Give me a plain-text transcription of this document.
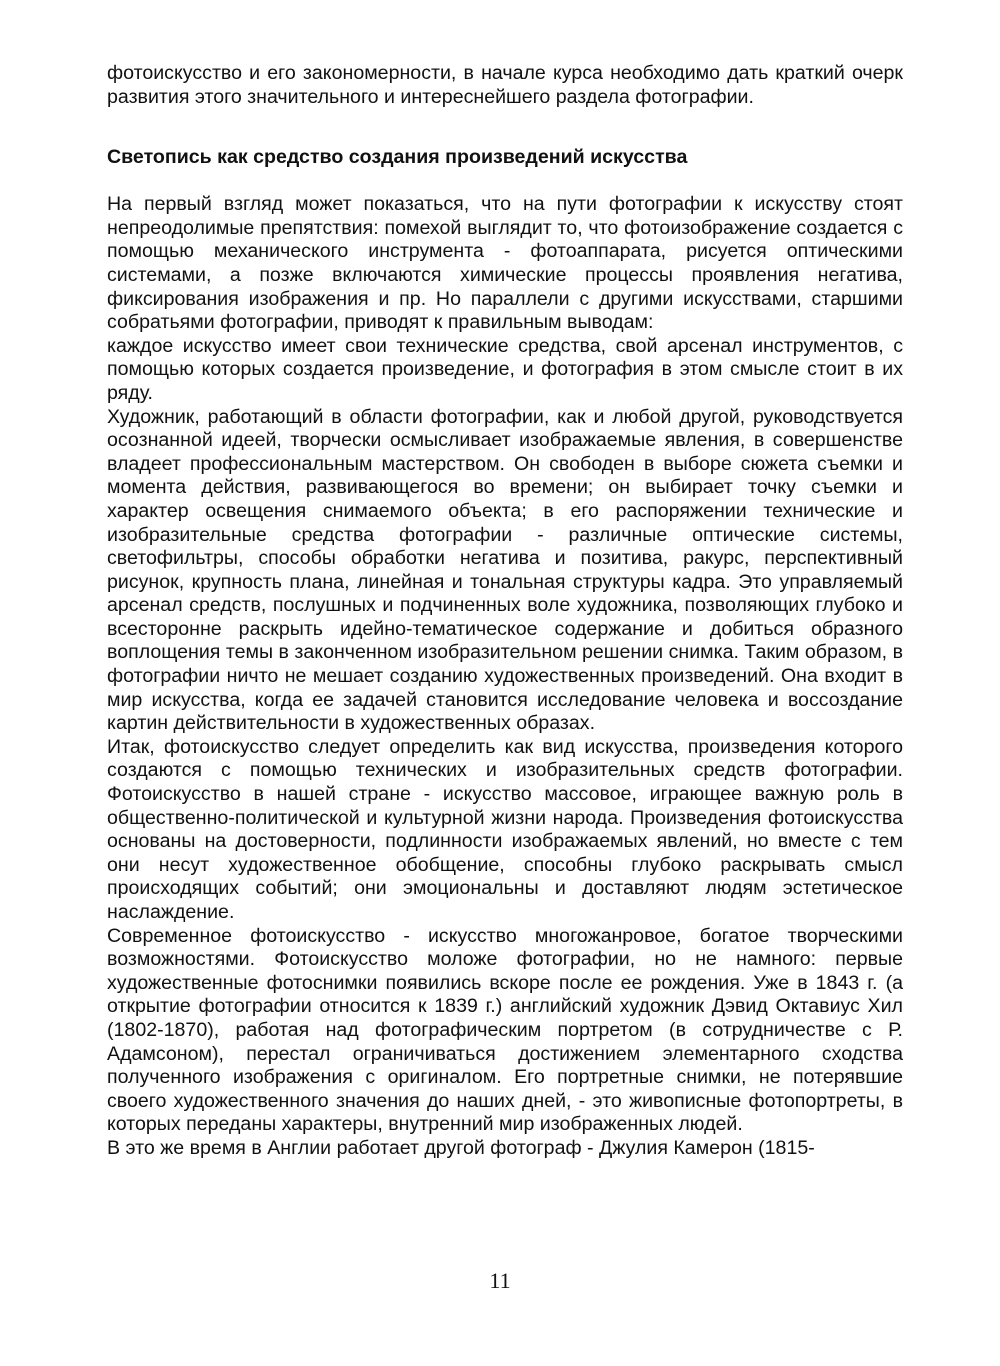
фотоискусство и его закономерности, в начале курса необходимо дать краткий очерк развития этого значительного и интереснейшего раздела фотографии.

Светопись как средство создания произведений искусства

На первый взгляд может показаться, что на пути фотографии к искусству стоят непреодолимые препятствия: помехой выглядит то, что фотоизображение создается с помощью механического инструмента - фотоаппарата, рисуется оптическими системами, а позже включаются химические процессы проявления негатива, фиксирования изображения и пр. Но параллели с другими искусствами, старшими собратьями фотографии, приводят к правильным выводам:

каждое искусство имеет свои технические средства, свой арсенал инструментов, с помощью которых создается произведение, и фотография в этом смысле стоит в их ряду.

Художник, работающий в области фотографии, как и любой другой, руководствуется осознанной идеей, творчески осмысливает изображаемые явления, в совершенстве владеет профессиональным мастерством. Он свободен в выборе сюжета съемки и момента действия, развивающегося во времени; он выбирает точку съемки и характер освещения снимаемого объекта; в его распоряжении технические и изобразительные средства фотографии - различные оптические системы, светофильтры, способы обработки негатива и позитива, ракурс, перспективный рисунок, крупность плана, линейная и тональная структуры кадра. Это управляемый арсенал средств, послушных и подчиненных воле художника, позволяющих глубоко и всесторонне раскрыть идейно-тематическое содержание и добиться образного воплощения темы в законченном изобразительном решении снимка. Таким образом, в фотографии ничто не мешает созданию художественных произведений. Она входит в мир искусства, когда ее задачей становится исследование человека и воссоздание картин действительности в художественных образах.

Итак, фотоискусство следует определить как вид искусства, произведения которого создаются с помощью технических и изобразительных средств фотографии. Фотоискусство в нашей стране - искусство массовое, играющее важную роль в общественно-политической и культурной жизни народа. Произведения фотоискусства основаны на достоверности, подлинности изображаемых явлений, но вместе с тем они несут художественное обобщение, способны глубоко раскрывать смысл происходящих событий; они эмоциональны и доставляют людям эстетическое наслаждение.

Современное фотоискусство - искусство многожанровое, богатое творческими возможностями. Фотоискусство моложе фотографии, но не намного: первые художественные фотоснимки появились вскоре после ее рождения. Уже в 1843 г. (а открытие фотографии относится к 1839 г.) английский художник Дэвид Октавиус Хил (1802-1870), работая над фотографическим портретом (в сотрудничестве с Р. Адамсоном), перестал ограничиваться достижением элементарного сходства полученного изображения с оригиналом. Его портретные снимки, не потерявшие своего художественного значения до наших дней, - это живописные фотопортреты, в которых переданы характеры, внутренний мир изображенных людей.

В это же время в Англии работает другой фотограф - Джулия Камерон (1815-

11
